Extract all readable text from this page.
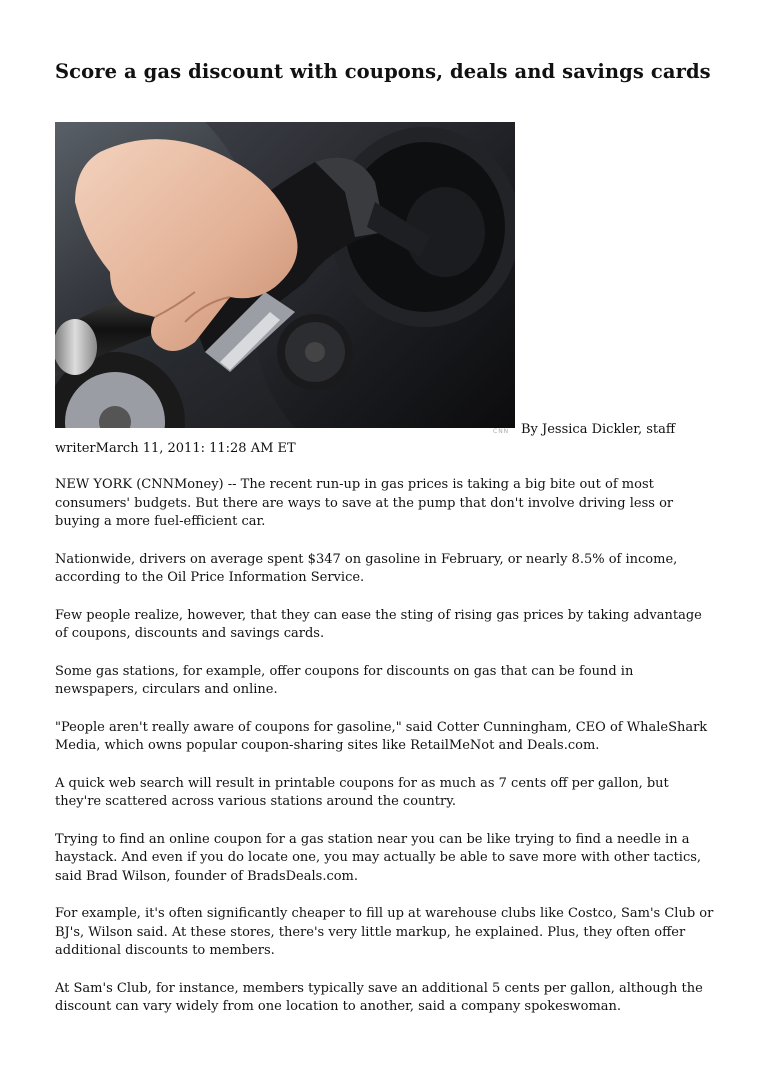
Score a gas discount with coupons, deals and savings cards
CNN By Jessica Dickler, staff
writerMarch 11, 2011: 11:28 AM ET

NEW YORK (CNNMoney) -- The recent run-up in gas prices is taking a big bite out of most consumers' budgets. But there are ways to save at the pump that don't involve driving less or buying a more fuel-efficient car.

Nationwide, drivers on average spent $347 on gasoline in February, or nearly 8.5% of income, according to the Oil Price Information Service.

Few people realize, however, that they can ease the sting of rising gas prices by taking advantage of coupons, discounts and savings cards.

Some gas stations, for example, offer coupons for discounts on gas that can be found in newspapers, circulars and online.

"People aren't really aware of coupons for gasoline," said Cotter Cunningham, CEO of WhaleShark Media, which owns popular coupon-sharing sites like RetailMeNot and Deals.com.

A quick web search will result in printable coupons for as much as 7 cents off per gallon, but they're scattered across various stations around the country.

Trying to find an online coupon for a gas station near you can be like trying to find a needle in a haystack. And even if you do locate one, you may actually be able to save more with other tactics, said Brad Wilson, founder of BradsDeals.com.

For example, it's often significantly cheaper to fill up at warehouse clubs like Costco, Sam's Club or BJ's, Wilson said. At these stores, there's very little markup, he explained. Plus, they often offer additional discounts to members.

At Sam's Club, for instance, members typically save an additional 5 cents per gallon, although the discount can vary widely from one location to another, said a company spokeswoman.
